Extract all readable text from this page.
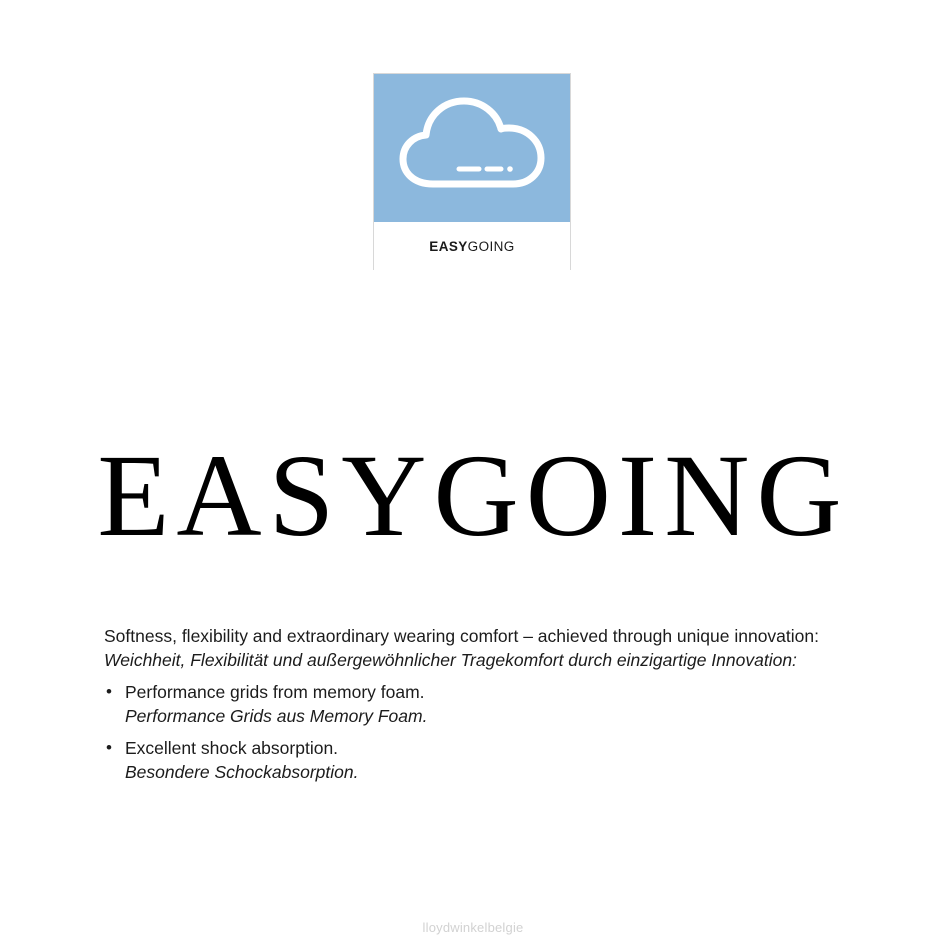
EASYGOING
EASYGOING

Softness, flexibility and extraordinary wearing comfort – achieved through unique innovation: Weichheit, Flexibilität und außergewöhnlicher Tragekomfort durch einzigartige Innovation:

• Performance grids from memory foam.
Performance Grids aus Memory Foam.
• Excellent shock absorption.
Besondere Schockabsorption.
lloydwinkelbelgie
